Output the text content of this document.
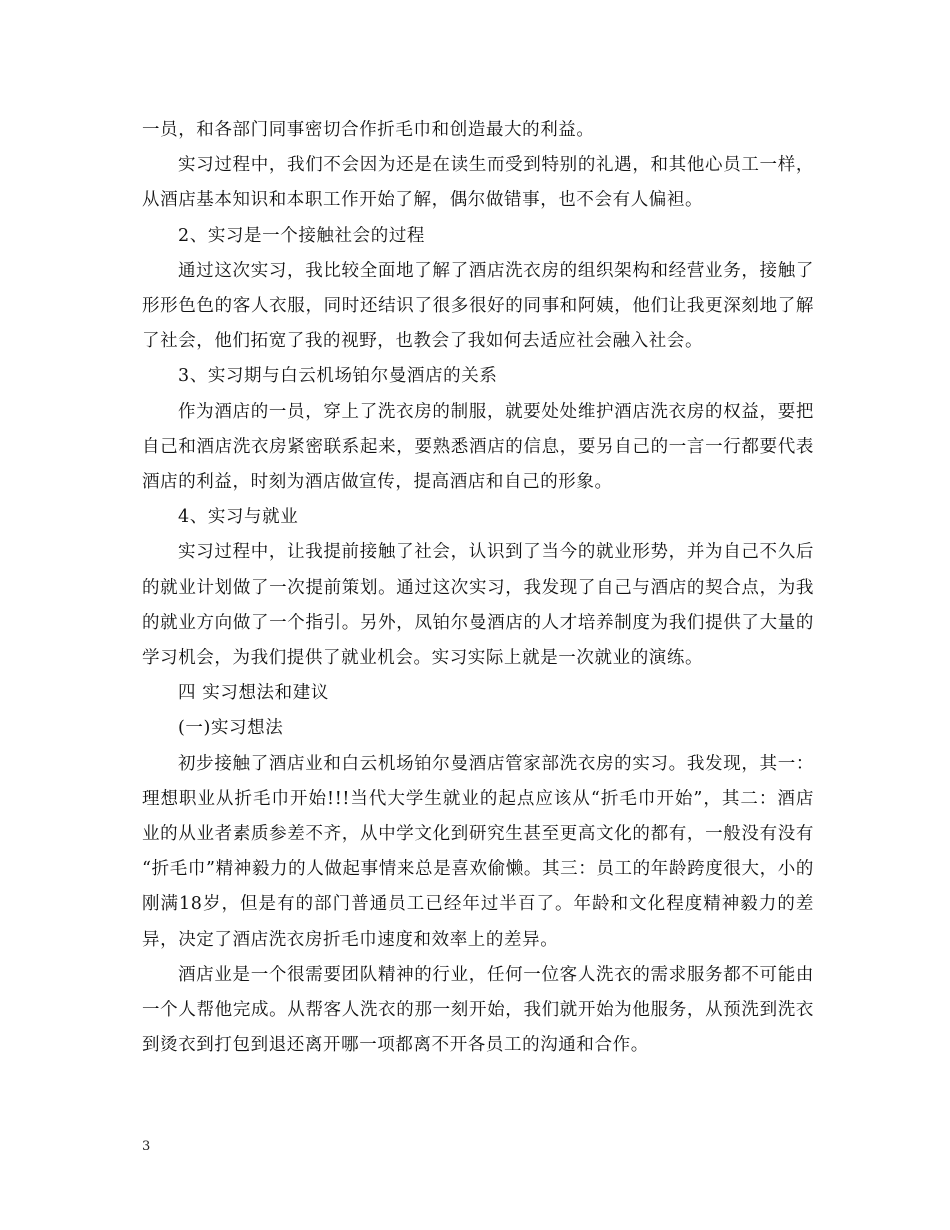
一员，和各部门同事密切合作折毛巾和创造最大的利益。

实习过程中，我们不会因为还是在读生而受到特别的礼遇，和其他心员工一样，从酒店基本知识和本职工作开始了解，偶尔做错事，也不会有人偏袒。

2、实习是一个接触社会的过程

通过这次实习，我比较全面地了解了酒店洗衣房的组织架构和经营业务，接触了形形色色的客人衣服，同时还结识了很多很好的同事和阿姨，他们让我更深刻地了解了社会，他们拓宽了我的视野，也教会了我如何去适应社会融入社会。

3、实习期与白云机场铂尔曼酒店的关系

作为酒店的一员，穿上了洗衣房的制服，就要处处维护酒店洗衣房的权益，要把自己和酒店洗衣房紧密联系起来，要熟悉酒店的信息，要另自己的一言一行都要代表酒店的利益，时刻为酒店做宣传，提高酒店和自己的形象。

4、实习与就业

实习过程中，让我提前接触了社会，认识到了当今的就业形势，并为自己不久后的就业计划做了一次提前策划。通过这次实习，我发现了自己与酒店的契合点，为我的就业方向做了一个指引。另外，凤铂尔曼酒店的人才培养制度为我们提供了大量的学习机会，为我们提供了就业机会。实习实际上就是一次就业的演练。

四 实习想法和建议

(一)实习想法

初步接触了酒店业和白云机场铂尔曼酒店管家部洗衣房的实习。我发现，其一：理想职业从折毛巾开始!!!当代大学生就业的起点应该从“折毛巾开始”，其二：酒店业的从业者素质参差不齐，从中学文化到研究生甚至更高文化的都有，一般没有没有“折毛巾”精神毅力的人做起事情来总是喜欢偷懒。其三：员工的年龄跨度很大，小的刚满18岁，但是有的部门普通员工已经年过半百了。年龄和文化程度精神毅力的差异，决定了酒店洗衣房折毛巾速度和效率上的差异。

酒店业是一个很需要团队精神的行业，任何一位客人洗衣的需求服务都不可能由一个人帮他完成。从帮客人洗衣的那一刻开始，我们就开始为他服务，从预洗到洗衣到烫衣到打包到退还离开哪一项都离不开各员工的沟通和合作。

3
